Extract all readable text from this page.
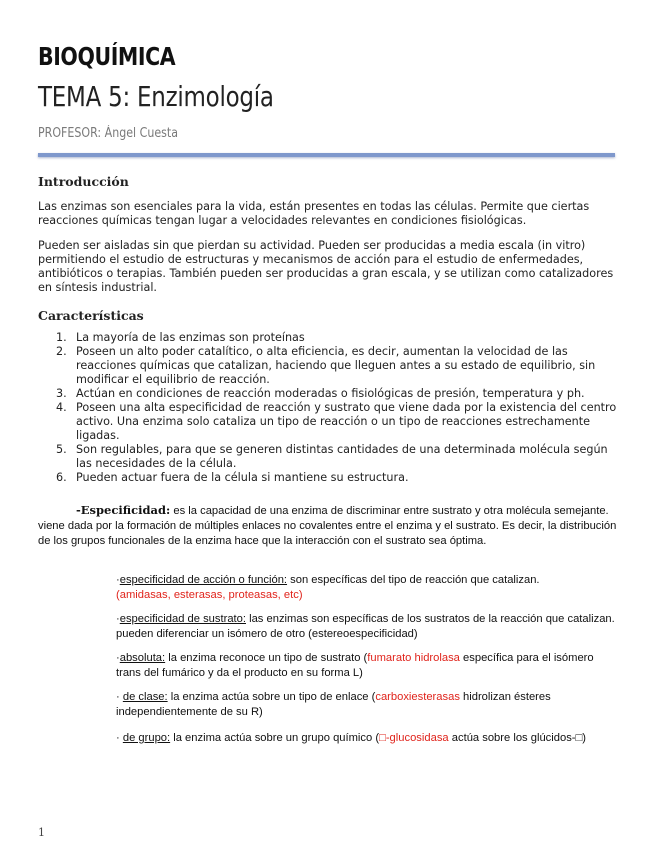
BIOQUÍMICA
TEMA 5: Enzimología
PROFESOR: Ángel Cuesta
Introducción

Las enzimas son esenciales para la vida, están presentes en todas las células. Permite que ciertas reacciones químicas tengan lugar a velocidades relevantes en condiciones fisiológicas.

Pueden ser aisladas sin que pierdan su actividad. Pueden ser producidas a media escala (in vitro) permitiendo el estudio de estructuras y mecanismos de acción para el estudio de enfermedades, antibióticos o terapias. También pueden ser producidas a gran escala, y se utilizan como catalizadores en síntesis industrial.

Características
1. La mayoría de las enzimas son proteínas
2. Poseen un alto poder catalítico, o alta eficiencia, es decir, aumentan la velocidad de las reacciones químicas que catalizan, haciendo que lleguen antes a su estado de equilibrio, sin modificar el equilibrio de reacción.
3. Actúan en condiciones de reacción moderadas o fisiológicas de presión, temperatura y ph.
4. Poseen una alta especificidad de reacción y sustrato que viene dada por la existencia del centro activo. Una enzima solo cataliza un tipo de reacción o un tipo de reacciones estrechamente ligadas.
5. Son regulables, para que se generen distintas cantidades de una determinada molécula según las necesidades de la célula.
6. Pueden actuar fuera de la célula si mantiene su estructura.

-Especificidad: es la capacidad de una enzima de discriminar entre sustrato y otra molécula semejante. viene dada por la formación de múltiples enlaces no covalentes entre el enzima y el sustrato. Es decir, la distribución de los grupos funcionales de la enzima hace que la interacción con el sustrato sea óptima.

·especificidad de acción o función: son específicas del tipo de reacción que catalizan.
(amidasas, esterasas, proteasas, etc)

·especificidad de sustrato: las enzimas son específicas de los sustratos de la reacción que catalizan. pueden diferenciar un isómero de otro (estereoespecificidad)

·absoluta: la enzima reconoce un tipo de sustrato (fumarato hidrolasa específica para el isómero trans del fumárico y da el producto en su forma L)

· de clase: la enzima actúa sobre un tipo de enlace (carboxiesterasas hidrolizan ésteres independientemente de su R)

· de grupo: la enzima actúa sobre un grupo químico (□-glucosidasa actúa sobre los glúcidos-□)

1
